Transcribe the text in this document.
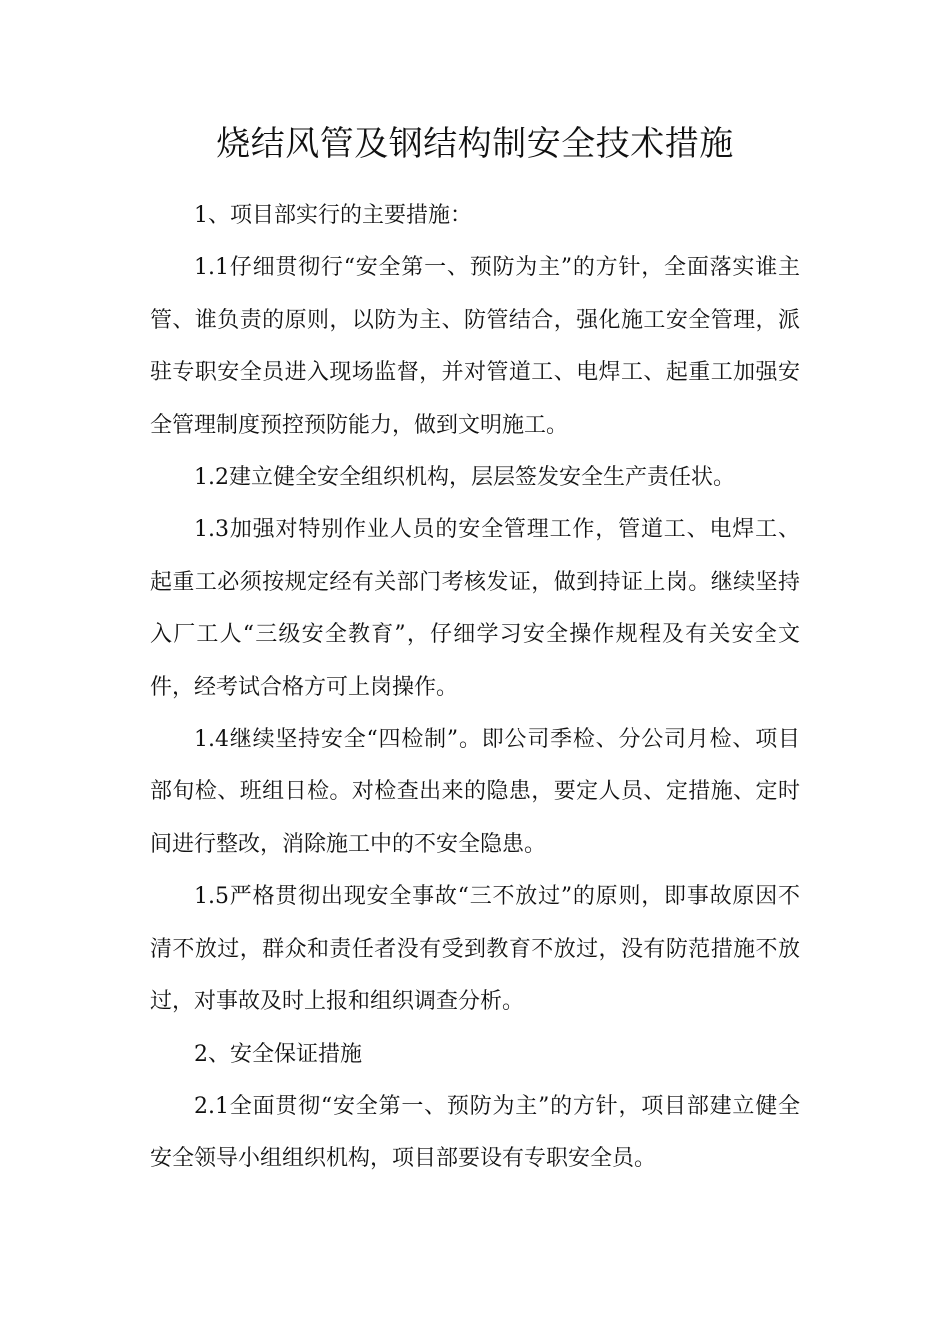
烧结风管及钢结构制安全技术措施

1、项目部实行的主要措施：

1.1仔细贯彻行“安全第一、预防为主”的方针，全面落实谁主管、谁负责的原则，以防为主、防管结合，强化施工安全管理，派驻专职安全员进入现场监督，并对管道工、电焊工、起重工加强安全管理制度预控预防能力，做到文明施工。

1.2建立健全安全组织机构，层层签发安全生产责任状。

1.3加强对特别作业人员的安全管理工作，管道工、电焊工、起重工必须按规定经有关部门考核发证，做到持证上岗。继续坚持入厂工人“三级安全教育”，仔细学习安全操作规程及有关安全文件，经考试合格方可上岗操作。

1.4继续坚持安全“四检制”。即公司季检、分公司月检、项目部旬检、班组日检。对检查出来的隐患，要定人员、定措施、定时间进行整改，消除施工中的不安全隐患。

1.5严格贯彻出现安全事故“三不放过”的原则，即事故原因不清不放过，群众和责任者没有受到教育不放过，没有防范措施不放过，对事故及时上报和组织调查分析。

2、安全保证措施

2.1全面贯彻“安全第一、预防为主”的方针，项目部建立健全安全领导小组组织机构，项目部要设有专职安全员。
